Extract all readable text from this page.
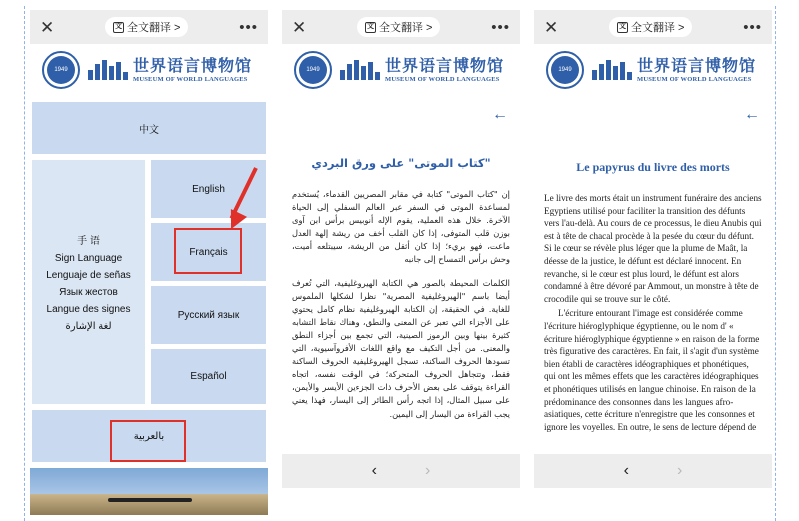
✕	文 全文翻译 >	•••
1949	世界语言博物馆
MUSEUM OF WORLD LANGUAGES
中文
手 语
Sign Language
Lenguaje de señas
Язык жестов
Langue des signes
لغة الإشارة
English
Français
Русский язык
Español
بالعربية
✕	文 全文翻译 >	•••
1949	世界语言博物馆
MUSEUM OF WORLD LANGUAGES
←
"كتاب الموتى" على ورق البردي

إن "كتاب الموتى" كتابة في مقابر المصريين القدماء، يُستخدم لمساعدة الموتى في السفر عبر العالم السفلي إلى الحياة الآخرة. خلال هذه العملية، يقوم الإله أنوبيس برأس ابن آوى بوزن قلب المتوفى، إذا كان القلب أخف من ريشة إلهة العدل ماعت، فهو بريء؛ إذا كان أثقل من الريشة، سيبتلعه أميت، وحش برأس التمساح إلى جانبه

الكلمات المحيطة بالصور هي الكتابة الهيروغليفية، التي تُعرف أيضا باسم "الهيروغليفية المصرية" نظرا لشكلها الملموس للغاية. في الحقيقة، إن الكتابة الهيروغليفية نظام كامل يحتوي على الأجزاء التي تعبر عن المعنى والنطق، وهناك نقاط التشابه كثيرة بينها وبين الرموز الصينية، التي تجمع بين أجزاء النطق والمعنى. من أجل التكيف مع واقع اللغات الأفروآسيوية، التي تسودها الحروف الساكنة، تسجل الهيروغليفية الحروف الساكنة فقط، وتتجاهل الحروف المتحركة؛ في الوقت نفسه، اتجاه القراءة يتوقف على بعض الأحرف ذات الجزءين الأيسر والأيمن، على سبيل المثال، إذا اتجه رأس الطائر إلى اليسار، فهذا يعني يجب القراءة من اليسار إلى اليمين.

‹	›
✕	文 全文翻译 >	•••
1949	世界语言博物馆
MUSEUM OF WORLD LANGUAGES
←
Le papyrus du livre des morts

Le livre des morts était un instrument funéraire des anciens Egyptiens utilisé pour faciliter la transition des défunts vers l'au-delà. Au cours de ce processus, le dieu Anubis qui est à tête de chacal procède à la pesée du cœur du défunt. Si le cœur se révèle plus léger que la plume de Maât, la déesse de la justice, le défunt est déclaré innocent. En revanche, si le cœur est plus lourd, le défunt est alors condamné à être dévoré par Ammout, un monstre à tête de crocodile qui se trouve sur le côté.

L'écriture entourant l'image est considérée comme l'écriture hiéroglyphique égyptienne, ou le nom d' « écriture hiéroglyphique égyptienne » en raison de la forme très figurative des caractères. En fait, il s'agit d'un système bien établi de caractères idéographiques et phonétiques, qui ont les mêmes effets que les caractères idéographiques et phonétiques utilisés en langue chinoise. En raison de la prédominance des consonnes dans les langues afro-asiatiques, cette écriture n'enregistre que les consonnes et ignore les voyelles. En outre, le sens de lecture dépend de

‹	›
